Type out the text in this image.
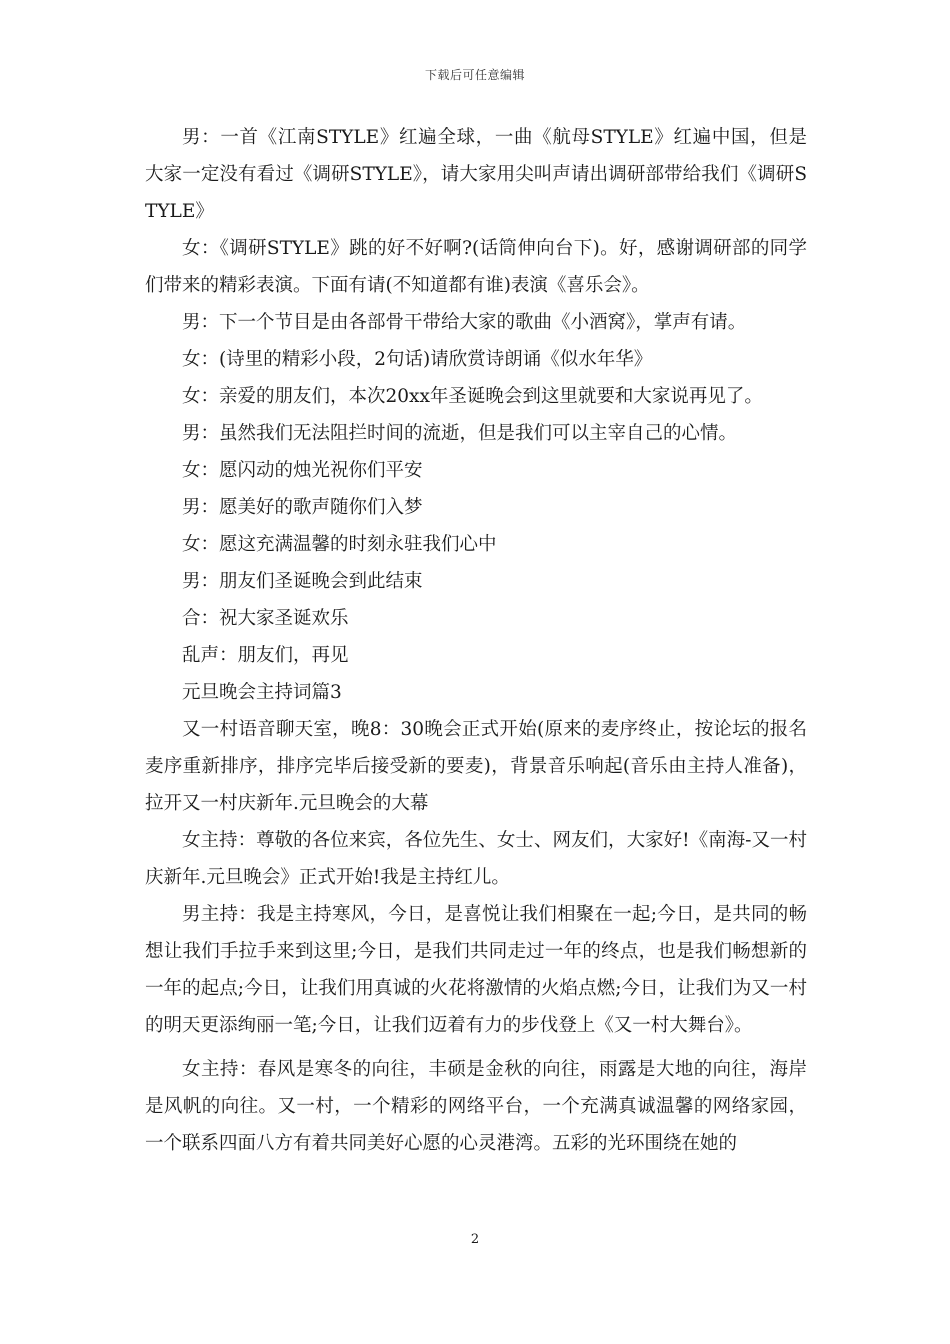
下载后可任意编辑

男：一首《江南STYLE》红遍全球，一曲《航母STYLE》红遍中国，但是大家一定没有看过《调研STYLE》，请大家用尖叫声请出调研部带给我们《调研STYLE》

女：《调研STYLE》跳的好不好啊?(话筒伸向台下)。好，感谢调研部的同学们带来的精彩表演。下面有请(不知道都有谁)表演《喜乐会》。

男：下一个节目是由各部骨干带给大家的歌曲《小酒窝》，掌声有请。

女：(诗里的精彩小段，2句话)请欣赏诗朗诵《似水年华》

女：亲爱的朋友们，本次20xx年圣诞晚会到这里就要和大家说再见了。

男：虽然我们无法阻拦时间的流逝，但是我们可以主宰自己的心情。

女：愿闪动的烛光祝你们平安

男：愿美好的歌声随你们入梦

女：愿这充满温馨的时刻永驻我们心中

男：朋友们圣诞晚会到此结束

合：祝大家圣诞欢乐

乱声：朋友们，再见

元旦晚会主持词篇3

又一村语音聊天室，晚8：30晚会正式开始(原来的麦序终止，按论坛的报名麦序重新排序，排序完毕后接受新的要麦)，背景音乐响起(音乐由主持人准备)，拉开又一村庆新年.元旦晚会的大幕

女主持：尊敬的各位来宾，各位先生、女士、网友们，大家好!《南海-又一村庆新年.元旦晚会》正式开始!我是主持红儿。

男主持：我是主持寒风，今日，是喜悦让我们相聚在一起;今日，是共同的畅想让我们手拉手来到这里;今日，是我们共同走过一年的终点，也是我们畅想新的一年的起点;今日，让我们用真诚的火花将激情的火焰点燃;今日，让我们为又一村的明天更添绚丽一笔;今日，让我们迈着有力的步伐登上《又一村大舞台》。

女主持：春风是寒冬的向往，丰硕是金秋的向往，雨露是大地的向往，海岸是风帆的向往。又一村，一个精彩的网络平台，一个充满真诚温馨的网络家园，一个联系四面八方有着共同美好心愿的心灵港湾。五彩的光环围绕在她的

2
